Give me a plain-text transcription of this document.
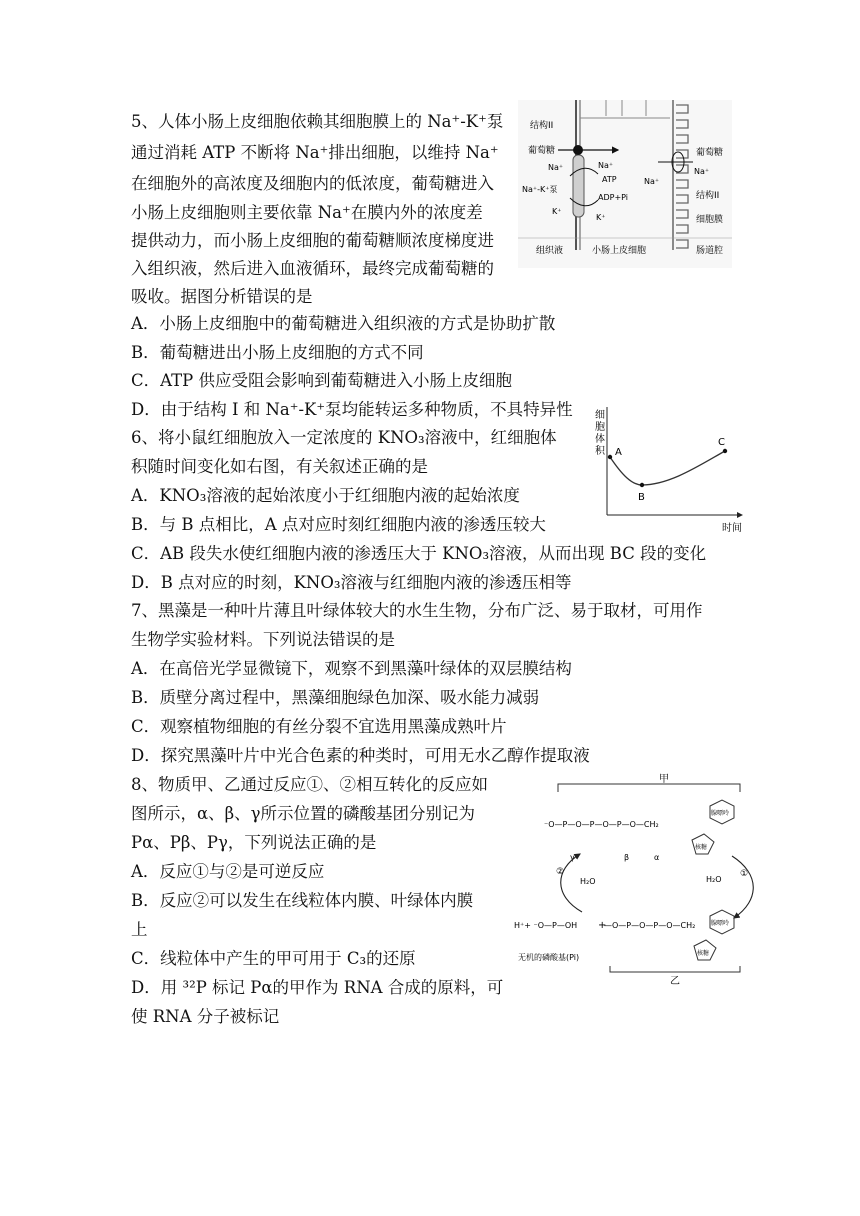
5、人体小肠上皮细胞依赖其细胞膜上的 Na⁺-K⁺泵
通过消耗 ATP 不断将 Na⁺排出细胞，以维持 Na⁺
在细胞外的高浓度及细胞内的低浓度，葡萄糖进入
小肠上皮细胞则主要依靠 Na⁺在膜内外的浓度差
提供动力，而小肠上皮细胞的葡萄糖顺浓度梯度进
入组织液，然后进入血液循环，最终完成葡萄糖的
吸收。据图分析错误的是
A．小肠上皮细胞中的葡萄糖进入组织液的方式是协助扩散
B．葡萄糖进出小肠上皮细胞的方式不同
C．ATP 供应受阻会影响到葡萄糖进入小肠上皮细胞
D．由于结构 I 和 Na⁺-K⁺泵均能转运多种物质，不具特异性
6、将小鼠红细胞放入一定浓度的 KNO₃溶液中，红细胞体
积随时间变化如右图，有关叙述正确的是
A．KNO₃溶液的起始浓度小于红细胞内液的起始浓度
B．与 B 点相比，A 点对应时刻红细胞内液的渗透压较大
C．AB 段失水使红细胞内液的渗透压大于 KNO₃溶液，从而出现 BC 段的变化
D．B 点对应的时刻，KNO₃溶液与红细胞内液的渗透压相等
7、黑藻是一种叶片薄且叶绿体较大的水生生物，分布广泛、易于取材，可用作
生物学实验材料。下列说法错误的是
A．在高倍光学显微镜下，观察不到黑藻叶绿体的双层膜结构
B．质壁分离过程中，黑藻细胞绿色加深、吸水能力减弱
C．观察植物细胞的有丝分裂不宜选用黑藻成熟叶片
D．探究黑藻叶片中光合色素的种类时，可用无水乙醇作提取液
8、物质甲、乙通过反应①、②相互转化的反应如
图所示，α、β、γ所示位置的磷酸基团分别记为
Pα、Pβ、Pγ，下列说法正确的是
A．反应①与②是可逆反应
B．反应②可以发生在线粒体内膜、叶绿体内膜
上
C．线粒体中产生的甲可用于 C₃的还原
D．用 ³²P 标记 Pα的甲作为 RNA 合成的原料，可
使 RNA 分子被标记
结构II
葡萄糖
Na⁺	Na⁺
Na⁺-K⁺泵
ATP
ADP+Pi
K⁺
K⁺
葡萄糖
Na⁺
Na⁺
结构II
细胞膜
组织液	小肠上皮细胞	肠道腔
细
胞
体
积 A
B
C
时间
甲
⁻O—P—O—P—O—P—O—CH₂
γ	β	α
腺嘌呤
核糖
②
H₂O	H₂O
①
H⁺+ ⁻O—P—OH +
—O—P—O—P—O—CH₂	腺嘌呤
核糖
无机的磷酸基(Pi)
乙
